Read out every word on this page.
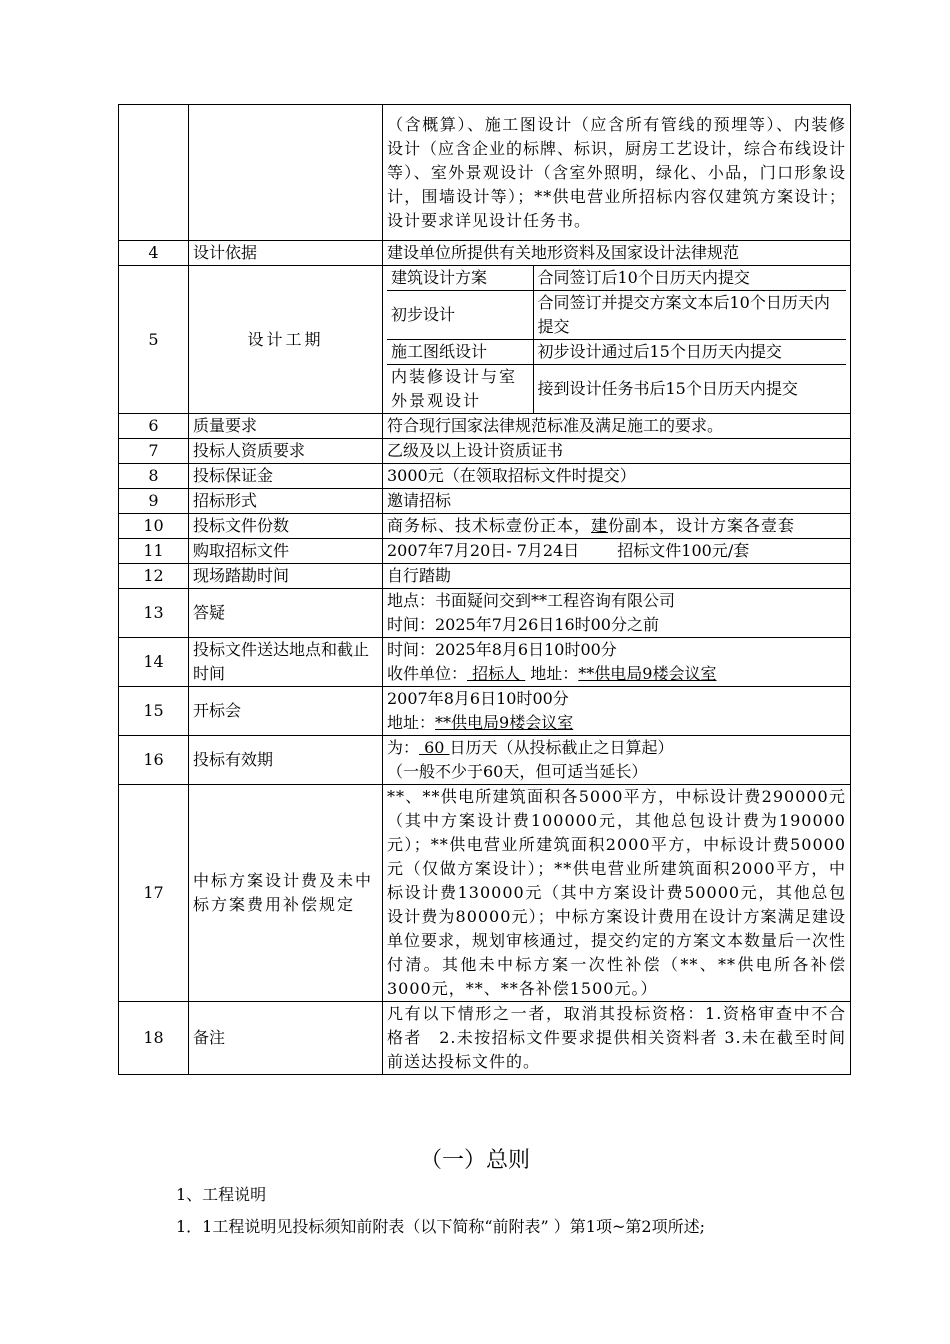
		（含概算）、施工图设计（应含所有管线的预埋等）、内装修设计（应含企业的标牌、标识，厨房工艺设计，综合布线设计等）、室外景观设计（含室外照明，绿化、小品，门口形象设计，围墙设计等）；**供电营业所招标内容仅建筑方案设计；设计要求详见设计任务书。
4	设计依据	建设单位所提供有关地形资料及国家设计法律规范
5	设计工期	
建筑设计方案	合同签订后10个日历天内提交
初步设计	合同签订并提交方案文本后10个日历天内提交
施工图纸设计	初步设计通过后15个日历天内提交
内装修设计与室外景观设计	接到设计任务书后15个日历天内提交

6	质量要求	符合现行国家法律规范标准及满足施工的要求。
7	投标人资质要求	乙级及以上设计资质证书
8	投标保证金	3000元（在领取招标文件时提交）
9	招标形式	邀请招标
10	投标文件份数	商务标、技术标壹份正本，建份副本，设计方案各壹套
11	购取招标文件	2007年7月20日- 7月24日 招标文件100元/套
12	现场踏勘时间	自行踏勘
13	答疑	
地点：书面疑问交到**工程咨询有限公司
时间：2025年7月26日16时00分之前

14	投标文件送达地点和截止时间	
时间：2025年8月6日10时00分
收件单位： 招标人  地址：**供电局9楼会议室

15	开标会	
2007年8月6日10时00分
地址：**供电局9楼会议室

16	投标有效期	
为： 60 日历天（从投标截止之日算起）
（一般不少于60天，但可适当延长）

17	中标方案设计费及未中标方案费用补偿规定	**、**供电所建筑面积各5000平方，中标设计费290000元（其中方案设计费100000元，其他总包设计费为190000元）；**供电营业所建筑面积2000平方，中标设计费50000元（仅做方案设计）；**供电营业所建筑面积2000平方，中标设计费130000元（其中方案设计费50000元，其他总包设计费为80000元）；中标方案设计费用在设计方案满足建设单位要求，规划审核通过，提交约定的方案文本数量后一次性付清。其他未中标方案一次性补偿（**、**供电所各补偿3000元，**、**各补偿1500元。）
18	备注	凡有以下情形之一者，取消其投标资格：1.资格审查中不合格者　2.未按招标文件要求提供相关资料者 3.未在截至时间前送达投标文件的。
（一）总则

1、工程说明

1．1工程说明见投标须知前附表（以下简称“前附表” ）第1项~第2项所述;
